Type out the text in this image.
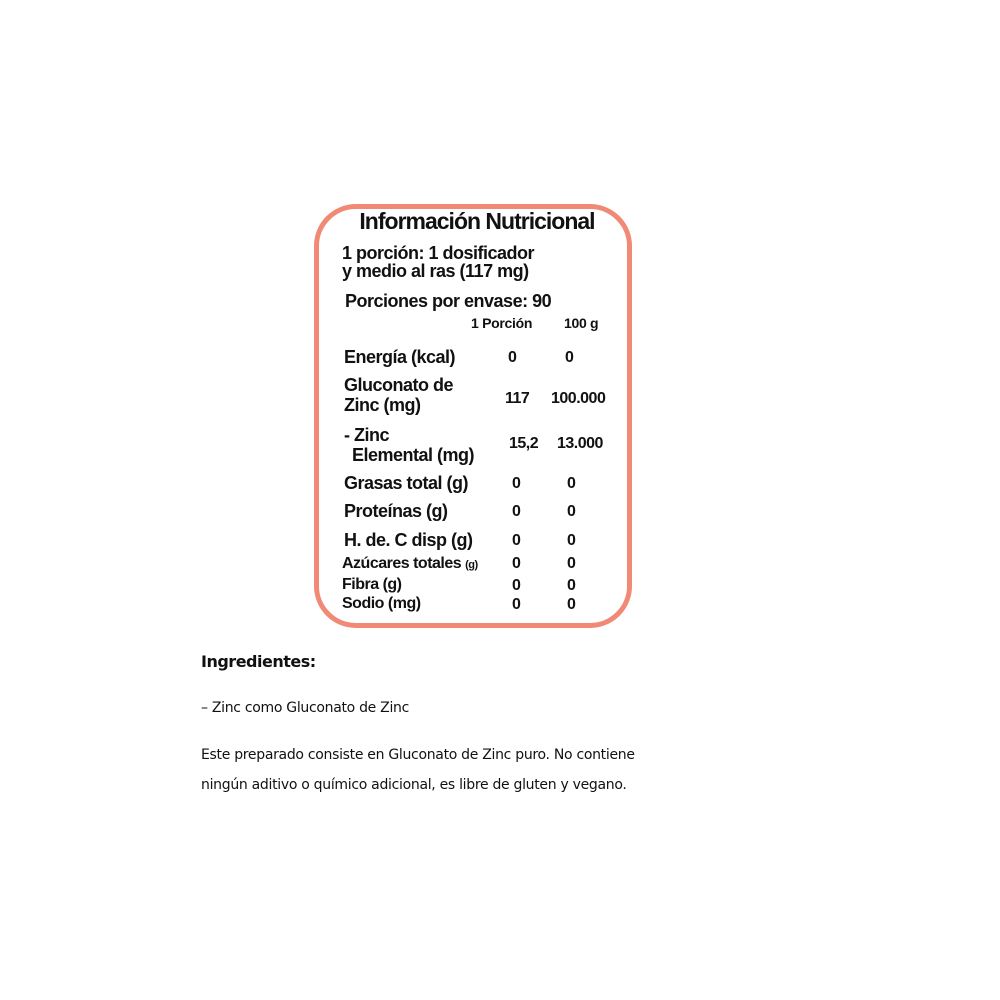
Información Nutricional
1 porción: 1 dosificador
y medio al ras (117 mg)
Porciones por envase: 90
1 Porción 100 g
Energía (kcal)	0	0
Gluconato de
Zinc (mg)	117 100.000
- Zinc
Elemental (mg)
15,2 13.000
Grasas total (g)	0	0
Proteínas (g)	0	0
H. de. C disp (g) 0	0
Azúcares totales (g) 0	0
Fibra (g)	0	0
Sodio (mg)	0	0
Ingredientes:
– Zinc como Gluconato de Zinc
Este preparado consiste en Gluconato de Zinc puro. No contiene
ningún aditivo o químico adicional, es libre de gluten y vegano.
